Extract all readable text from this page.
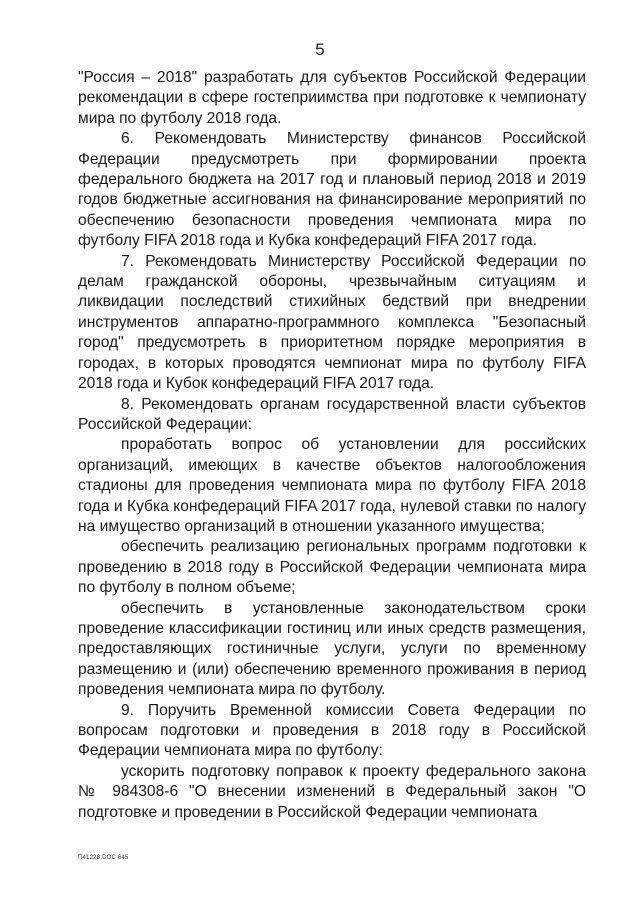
5

"Россия – 2018" разработать для субъектов Российской Федерации рекомендации в сфере гостеприимства при подготовке к чемпионату мира по футболу 2018 года.

6. Рекомендовать Министерству финансов Российской Федерации предусмотреть при формировании проекта федерального бюджета на 2017 год и плановый период 2018 и 2019 годов бюджетные ассигнования на финансирование мероприятий по обеспечению безопасности проведения чемпионата мира по футболу FIFA 2018 года и Кубка конфедераций FIFA 2017 года.

7. Рекомендовать Министерству Российской Федерации по делам гражданской обороны, чрезвычайным ситуациям и ликвидации последствий стихийных бедствий при внедрении инструментов аппаратно-программного комплекса "Безопасный город" предусмотреть в приоритетном порядке мероприятия в городах, в которых проводятся чемпионат мира по футболу FIFA 2018 года и Кубок конфедераций FIFA 2017 года.

8. Рекомендовать органам государственной власти субъектов Российской Федерации:

проработать вопрос об установлении для российских организаций, имеющих в качестве объектов налогообложения стадионы для проведения чемпионата мира по футболу FIFA 2018 года и Кубка конфедераций FIFA 2017 года, нулевой ставки по налогу на имущество организаций в отношении указанного имущества;

обеспечить реализацию региональных программ подготовки к проведению в 2018 году в Российской Федерации чемпионата мира по футболу в полном объеме;

обеспечить в установленные законодательством сроки проведение классификации гостиниц или иных средств размещения, предоставляющих гостиничные услуги, услуги по временному размещению и (или) обеспечению временного проживания в период проведения чемпионата мира по футболу.

9. Поручить Временной комиссии Совета Федерации по вопросам подготовки и проведения в 2018 году в Российской Федерации чемпионата мира по футболу:

ускорить подготовку поправок к проекту федерального закона № 984308-6 "О внесении изменений в Федеральный закон "О подготовке и проведении в Российской Федерации чемпионата

П41228.DOC 645
